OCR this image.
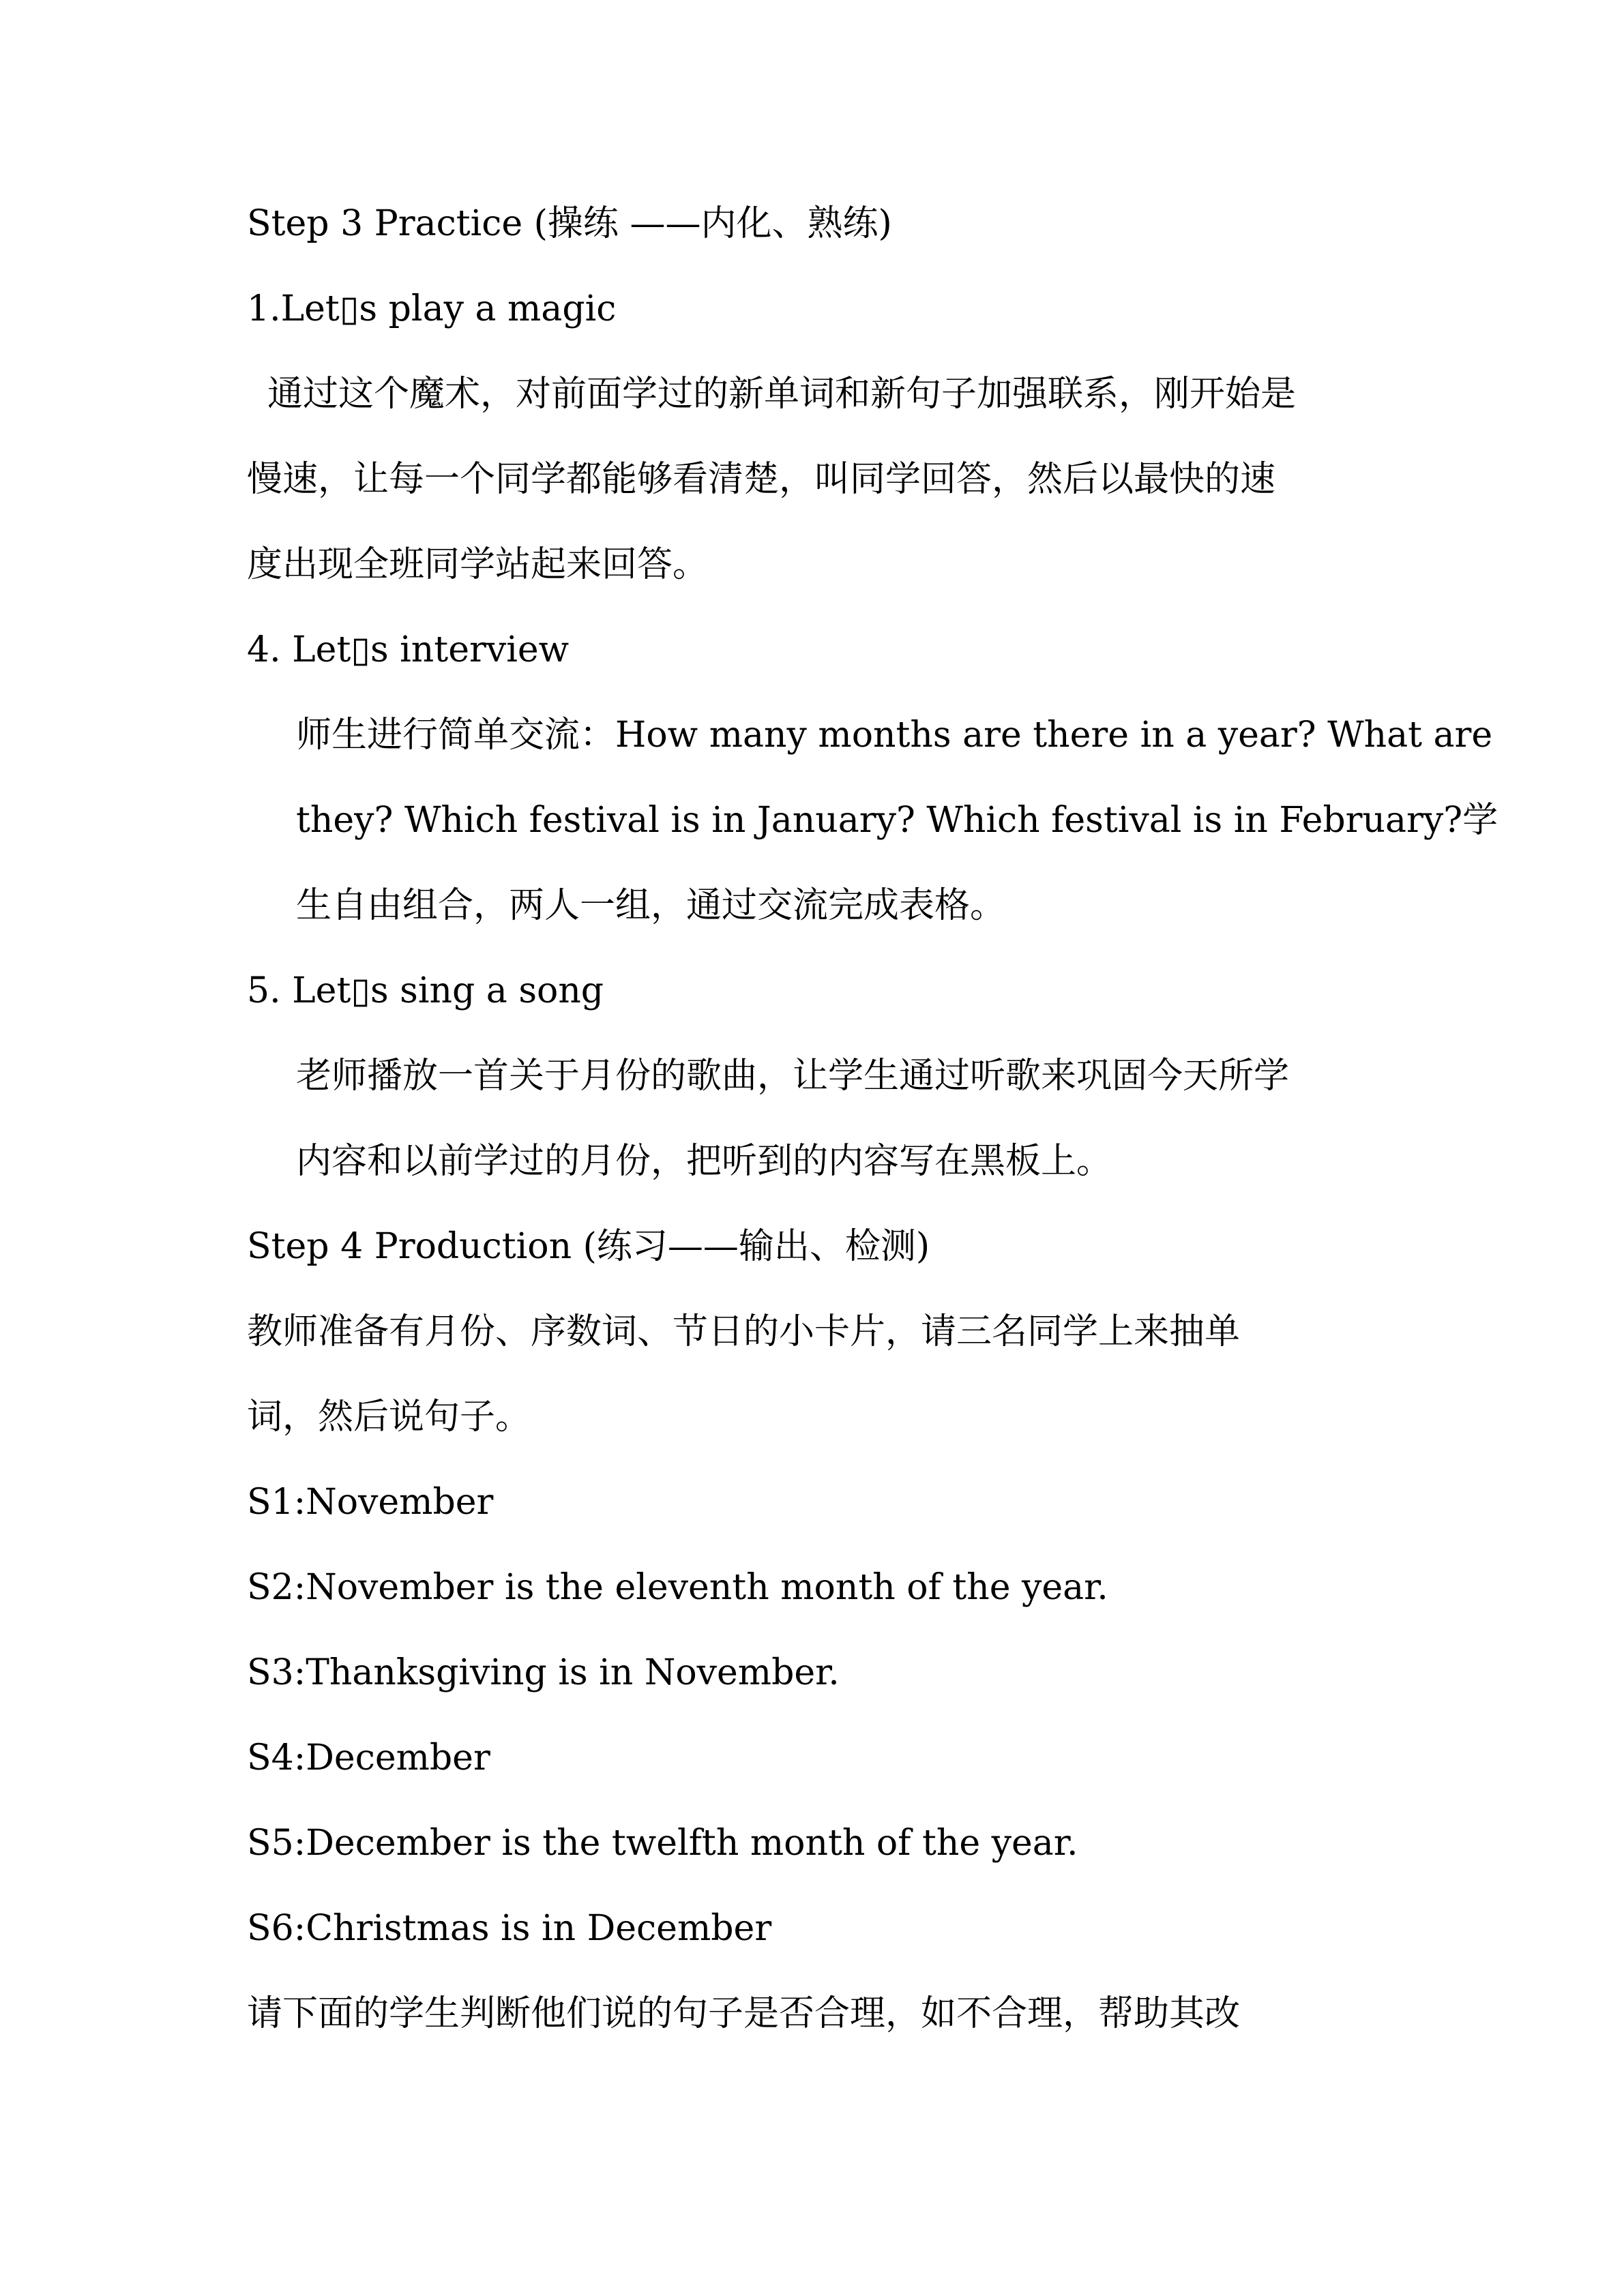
Step 3 Practice (操练 ——内化、熟练)
1.Let▯s play a magic
通过这个魔术，对前面学过的新单词和新句子加强联系，刚开始是
慢速，让每一个同学都能够看清楚，叫同学回答，然后以最快的速
度出现全班同学站起来回答。
4. Let▯s interview
师生进行简单交流：How many months are there in a year? What are
they? Which festival is in January? Which festival is in February?学
生自由组合，两人一组，通过交流完成表格。
5. Let▯s sing a song
老师播放一首关于月份的歌曲，让学生通过听歌来巩固今天所学
内容和以前学过的月份，把听到的内容写在黑板上。
Step 4 Production (练习——输出、检测)
教师准备有月份、序数词、节日的小卡片，请三名同学上来抽单
词，然后说句子。
S1:November
S2:November is the eleventh month of the year.
S3:Thanksgiving is in November.
S4:December
S5:December is the twelfth month of the year.
S6:Christmas is in December
请下面的学生判断他们说的句子是否合理，如不合理，帮助其改
